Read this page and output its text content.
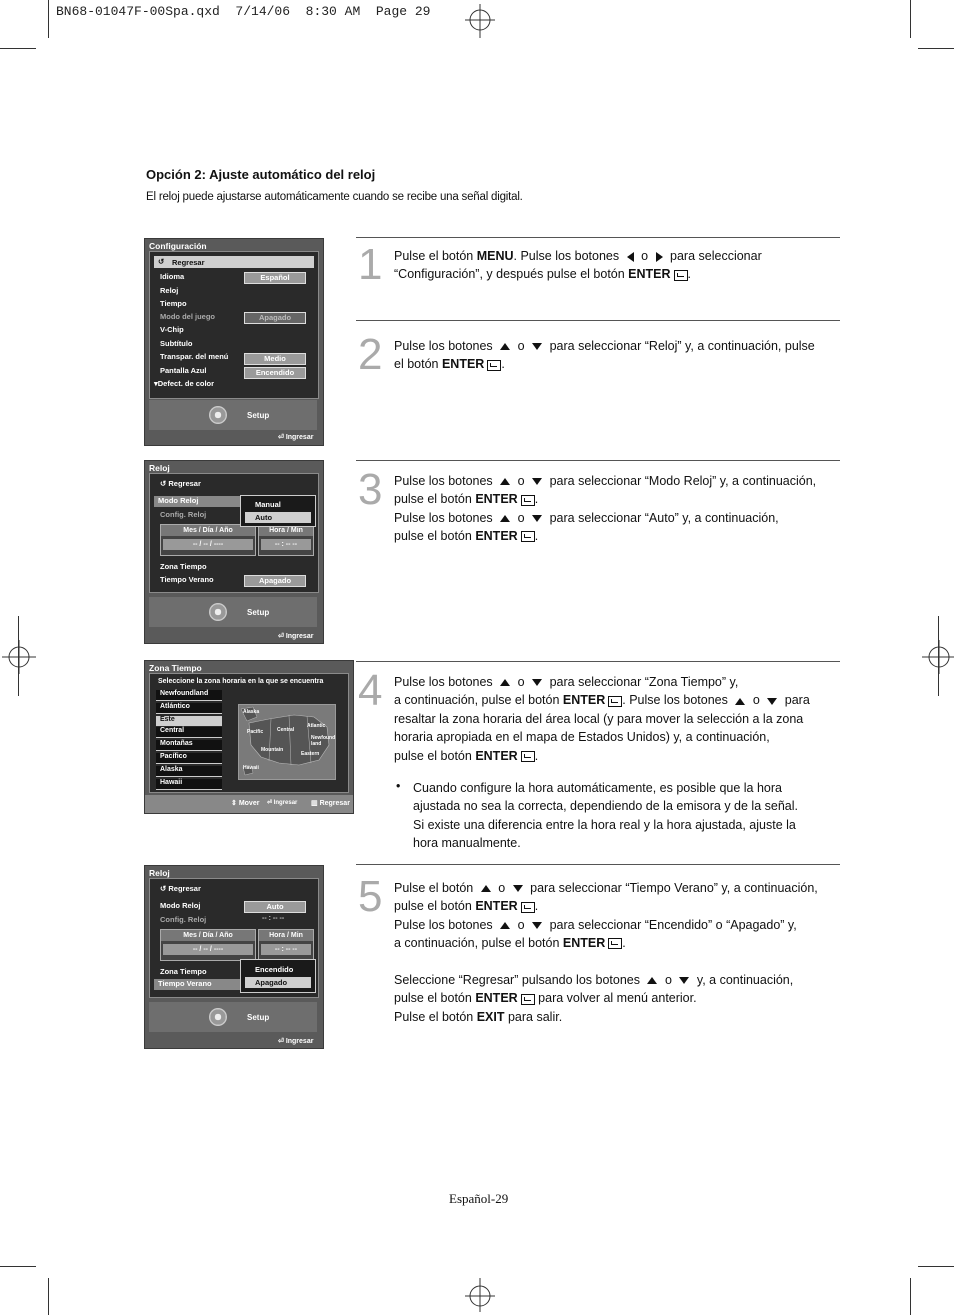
BN68-01047F-00Spa.qxd  7/14/06  8:30 AM  Page 29
Opción 2: Ajuste automático del reloj
El reloj puede ajustarse automáticamente cuando se recibe una señal digital.
Configuración
↺ Regresar
Idioma	Español
Reloj
Tiempo
Modo del juego	Apagado
V-Chip
Subtítulo
Transpar. del menú	Medio
Pantalla Azul	Encendido
▾Defect. de color
Setup
⏎ Ingresar
Reloj
↺ Regresar
Modo Reloj
Config. Reloj
Mes / Día / Año
-- / -- / ----
Hora / Min
-- : -- --
Zona Tiempo
Tiempo Verano	Apagado
Manual
Auto
Setup
⏎ Ingresar
Zona Tiempo
Seleccione la zona horaria en la que se encuentra
Newfoundland
Atlántico
Este
Central
Montañas
Pacífico
Alaska
Hawaii
Alaska
Pacific	Central
Atlantic
Newfound land
Mountain
Eastern
Hawaii
⇕ Mover ⏎ Ingresar ▥ Regresar
Reloj
↺ Regresar
Modo Reloj	Auto
Config. Reloj	-- : -- --
Mes / Día / Año
-- / -- / ----
Hora / Min
-- : -- --
Zona Tiempo
Tiempo Verano
Encendido
Apagado
Setup
⏎ Ingresar
1 Pulse el botón MENU. Pulse los botones o para seleccionar
“Configuración”, y después pulse el botón ENTER .
2 Pulse los botones o para seleccionar “Reloj” y, a continuación, pulse
el botón ENTER .
3 Pulse los botones o para seleccionar “Modo Reloj” y, a continuación,
pulse el botón ENTER .
Pulse los botones o para seleccionar “Auto” y, a continuación,
pulse el botón ENTER .
4 Pulse los botones o para seleccionar “Zona Tiempo” y,
a continuación, pulse el botón ENTER . Pulse los botones o para
resaltar la zona horaria del área local (y para mover la selección a la zona
horaria apropiada en el mapa de Estados Unidos) y, a continuación,
pulse el botón ENTER .
• Cuando configure la hora automáticamente, es posible que la hora
ajustada no sea la correcta, dependiendo de la emisora y de la señal.
Si existe una diferencia entre la hora real y la hora ajustada, ajuste la
hora manualmente.
5 Pulse el botón o para seleccionar “Tiempo Verano” y, a continuación,
pulse el botón ENTER .
Pulse los botones o para seleccionar “Encendido” o “Apagado” y,
a continuación, pulse el botón ENTER .

Seleccione “Regresar” pulsando los botones o y, a continuación,
pulse el botón ENTER para volver al menú anterior.
Pulse el botón EXIT para salir.
Español-29
